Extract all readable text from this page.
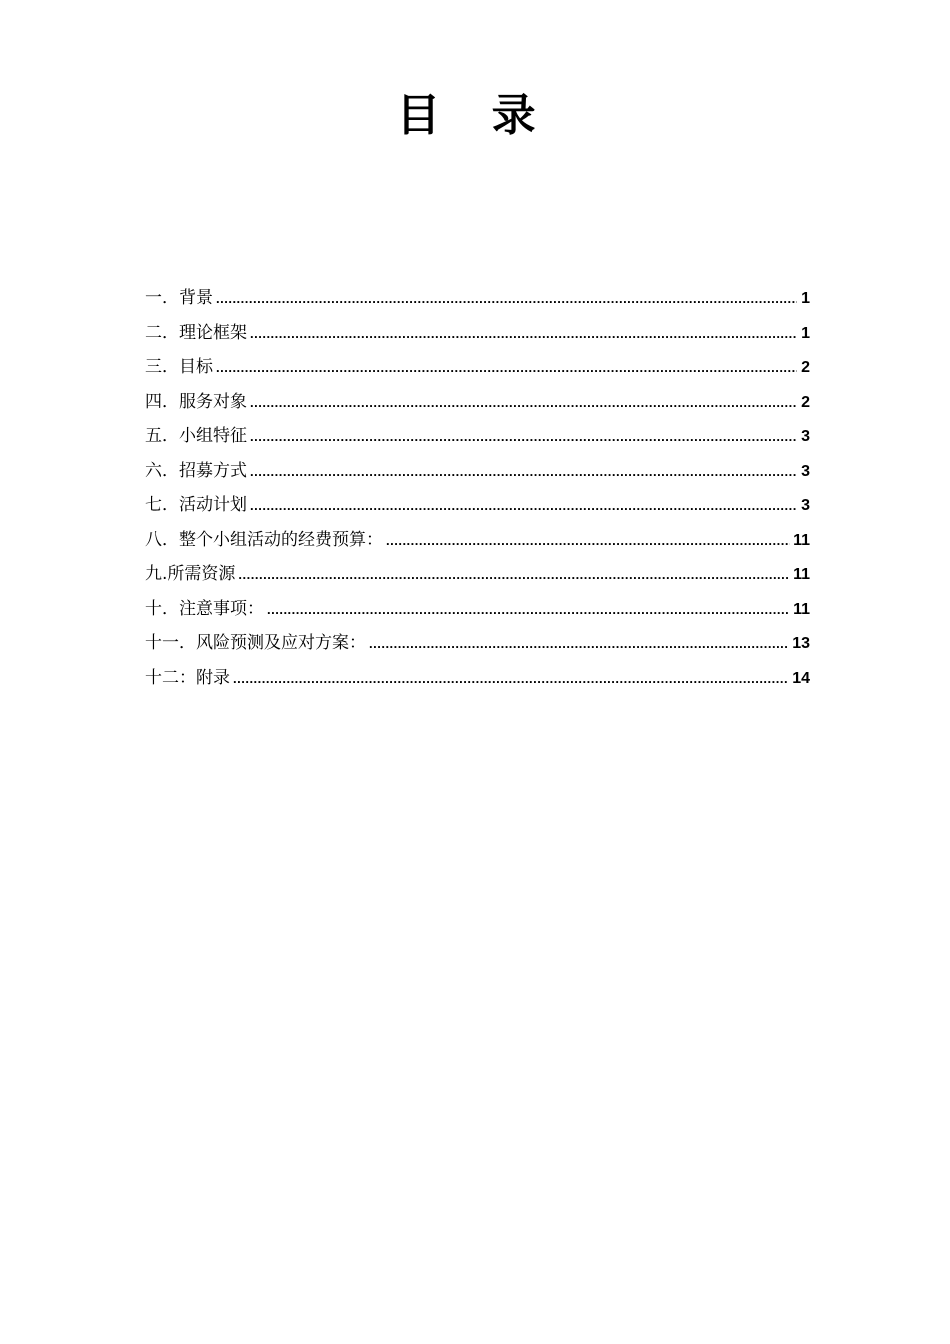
目 录
一．背景 .....	1
二．理论框架 .....	1
三．目标 .....	2
四．服务对象 .....	2
五．小组特征 .....	3
六．招募方式 .....	3
七．活动计划 .....	3
八．整个小组活动的经费预算： .....	11
九.所需资源 .....	11
十．注意事项： .....	11
十一．风险预测及应对方案： .....	13
十二：附录 .....	14
